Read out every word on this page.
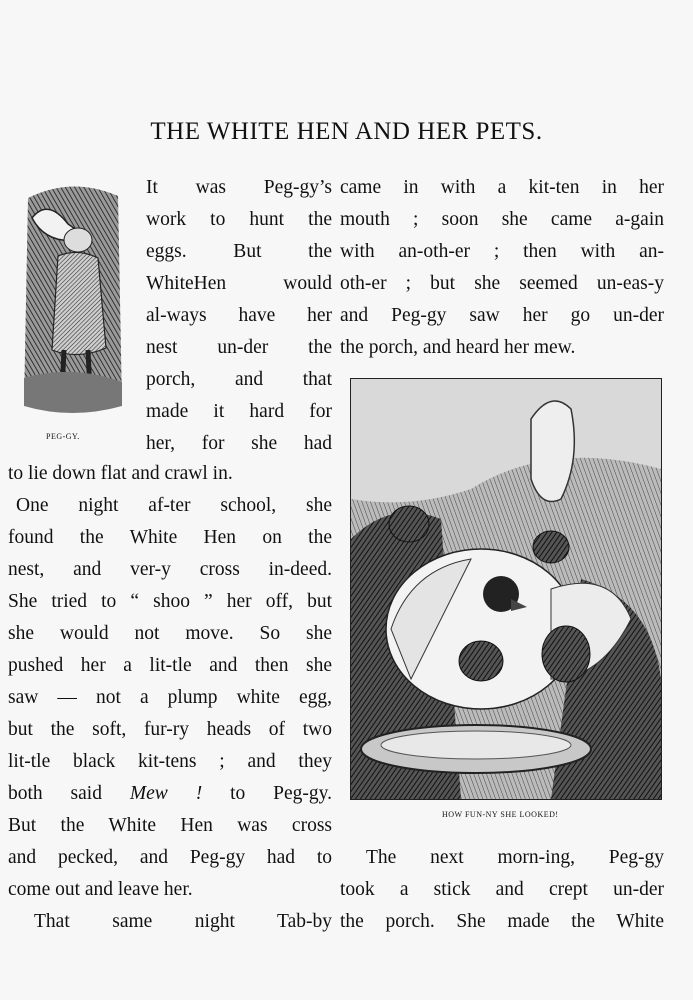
THE WHITE HEN AND HER PETS.
PEG-GY.
It was Peg-gy’s
work to hunt the
eggs. But the
WhiteHen would
al-ways have her
nest un-der the
porch, and that
made it hard for
her, for she had
to lie down flat and crawl in.
One night af-ter school, she
found the White Hen on the
nest, and ver-y cross in-deed.
She tried to “ shoo ” her off, but
she would not move. So she
pushed her a lit-tle and then she
saw — not a plump white egg,
but the soft, fur-ry heads of two
lit-tle black kit-tens ; and they
both said Mew ! to Peg-gy.
But the White Hen was cross
and pecked, and Peg-gy had to
come out and leave her.
That same night Tab-by
came in with a kit-ten in her
mouth ; soon she came a-gain
with an-oth-er ; then with an-
oth-er ; but she seemed un-eas-y
and Peg-gy saw her go un-der
the porch, and heard her mew.
HOW FUN-NY SHE LOOKED!
The next morn-ing, Peg-gy
took a stick and crept un-der
the porch. She made the White
